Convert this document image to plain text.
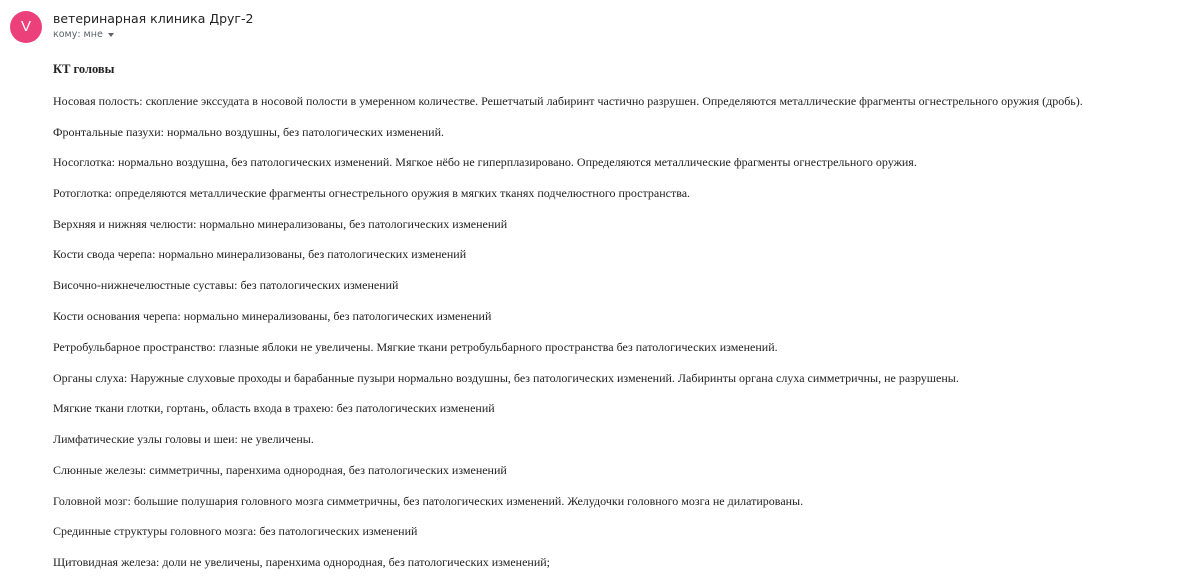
V	ветеринарная клиника Друг-2
кому: мне
КТ головы
Носовая полость: скопление экссудата в носовой полости в умеренном количестве. Решетчатый лабиринт частично разрушен. Определяются металлические фрагменты огнестрельного оружия (дробь).
Фронтальные пазухи: нормально воздушны, без патологических изменений.
Носоглотка: нормально воздушна, без патологических изменений. Мягкое нёбо не гиперплазировано. Определяются металлические фрагменты огнестрельного оружия.
Ротоглотка: определяются металлические фрагменты огнестрельного оружия в мягких тканях подчелюстного пространства.
Верхняя и нижняя челюсти: нормально минерализованы, без патологических изменений
Кости свода черепа: нормально минерализованы, без патологических изменений
Височно-нижнечелюстные суставы: без патологических изменений
Кости основания черепа: нормально минерализованы, без патологических изменений
Ретробульбарное пространство: глазные яблоки не увеличены. Мягкие ткани ретробульбарного пространства без патологических изменений.
Органы слуха: Наружные слуховые проходы и барабанные пузыри нормально воздушны, без патологических изменений. Лабиринты органа слуха симметричны, не разрушены.
Мягкие ткани глотки, гортань, область входа в трахею: без патологических изменений
Лимфатические узлы головы и шеи: не увеличены.
Слюнные железы: симметричны, паренхима однородная, без патологических изменений
Головной мозг: большие полушария головного мозга симметричны, без патологических изменений. Желудочки головного мозга не дилатированы.
Срединные структуры головного мозга: без патологических изменений
Щитовидная железа: доли не увеличены, паренхима однородная, без патологических изменений;
